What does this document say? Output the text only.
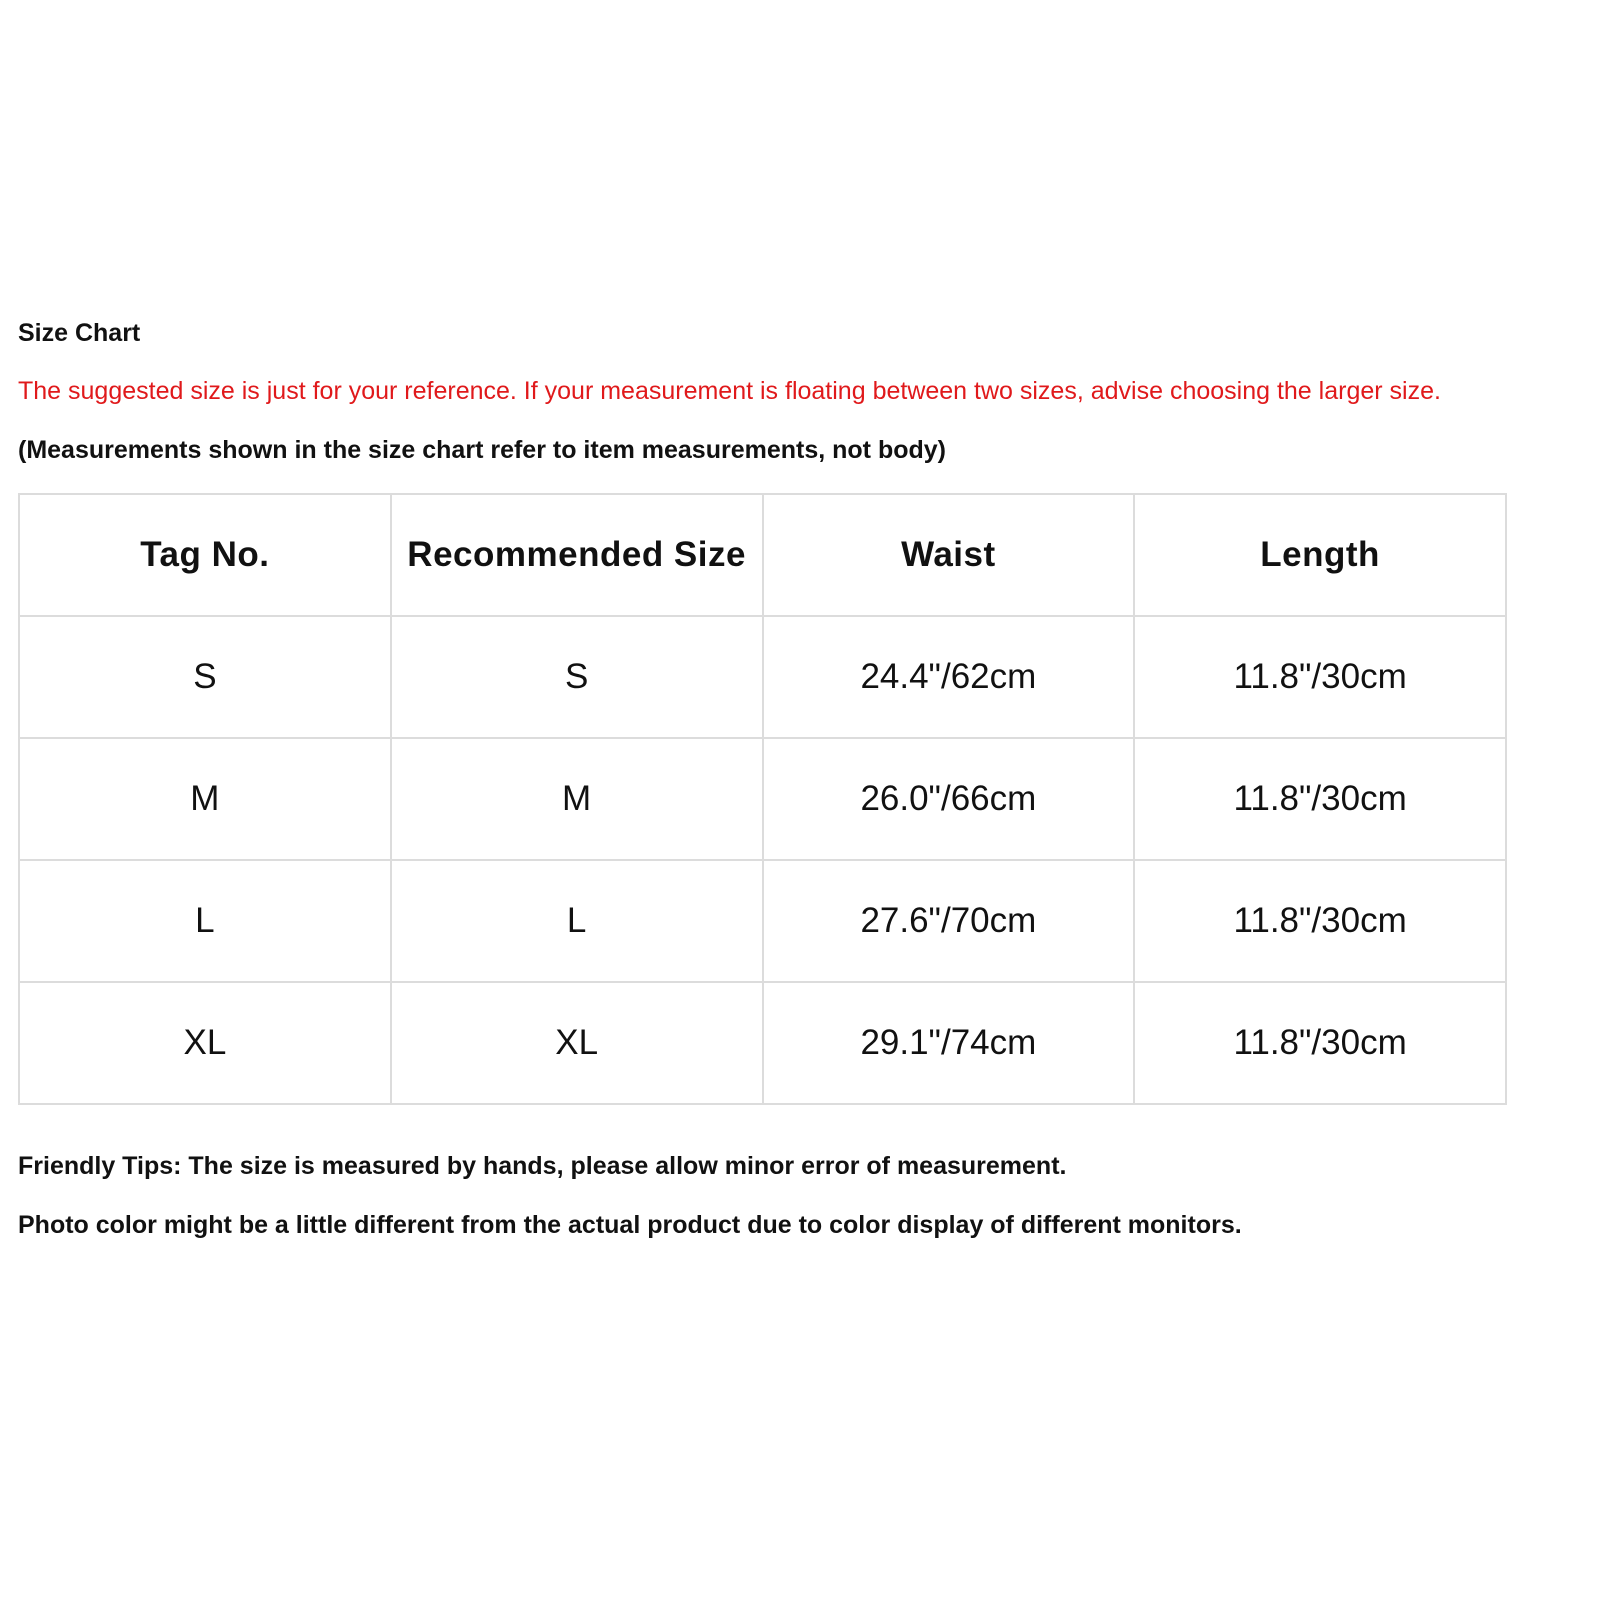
Size Chart
The suggested size is just for your reference. If your measurement is floating between two sizes, advise choosing the larger size.
(Measurements shown in the size chart refer to item measurements, not body)
Tag No.	Recommended Size	Waist	Length
S	S	24.4"/62cm	11.8"/30cm
M	M	26.0"/66cm	11.8"/30cm
L	L	27.6"/70cm	11.8"/30cm
XL	XL	29.1"/74cm	11.8"/30cm
Friendly Tips: The size is measured by hands, please allow minor error of measurement.
Photo color might be a little different from the actual product due to color display of different monitors.
